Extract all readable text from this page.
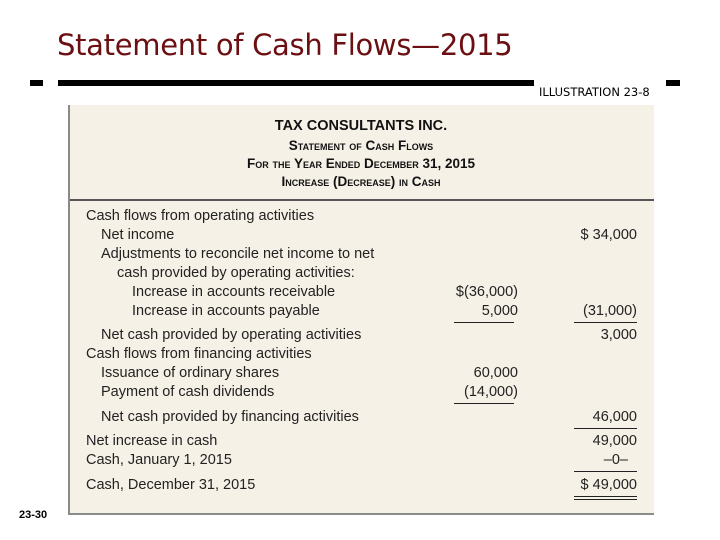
Statement of Cash Flows—2015
ILLUSTRATION 23-8
TAX CONSULTANTS INC.
Statement of Cash Flows
For the Year Ended December 31, 2015
Increase (Decrease) in Cash
Cash flows from operating activities
Net income	$ 34,000
Adjustments to reconcile net income to net
cash provided by operating activities:
Increase in accounts receivable	$(36,000)
Increase in accounts payable	5,000	(31,000)
Net cash provided by operating activities	3,000
Cash flows from financing activities
Issuance of ordinary shares	60,000
Payment of cash dividends	(14,000)
Net cash provided by financing activities	46,000
Net increase in cash	49,000
Cash, January 1, 2015	–0–
Cash, December 31, 2015	$ 49,000
23-30
